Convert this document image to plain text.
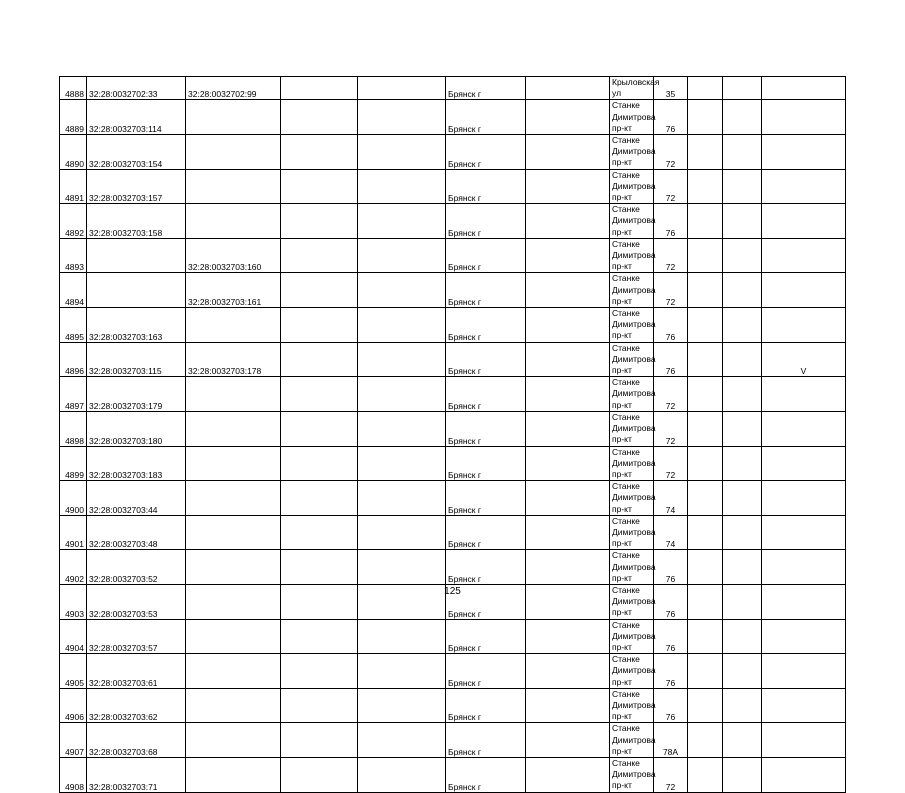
4888	32:28:0032702:33	32:28:0032702:99			Брянск г		Крыловская ул	35			
4889	32:28:0032703:114				Брянск г		Станке Димитрова пр-кт	76			
4890	32:28:0032703:154				Брянск г		Станке Димитрова пр-кт	72			
4891	32:28:0032703:157				Брянск г		Станке Димитрова пр-кт	72			
4892	32:28:0032703:158				Брянск г		Станке Димитрова пр-кт	76			
4893		32:28:0032703:160			Брянск г		Станке Димитрова пр-кт	72			
4894		32:28:0032703:161			Брянск г		Станке Димитрова пр-кт	72			
4895	32:28:0032703:163				Брянск г		Станке Димитрова пр-кт	76			
4896	32:28:0032703:115	32:28:0032703:178			Брянск г		Станке Димитрова пр-кт	76			V
4897	32:28:0032703:179				Брянск г		Станке Димитрова пр-кт	72			
4898	32:28:0032703:180				Брянск г		Станке Димитрова пр-кт	72			
4899	32:28:0032703:183				Брянск г		Станке Димитрова пр-кт	72			
4900	32:28:0032703:44				Брянск г		Станке Димитрова пр-кт	74			
4901	32:28:0032703:48				Брянск г		Станке Димитрова пр-кт	74			
4902	32:28:0032703:52				Брянск г		Станке Димитрова пр-кт	76			
4903	32:28:0032703:53				Брянск г		Станке Димитрова пр-кт	76			
4904	32:28:0032703:57				Брянск г		Станке Димитрова пр-кт	76			
4905	32:28:0032703:61				Брянск г		Станке Димитрова пр-кт	76			
4906	32:28:0032703:62				Брянск г		Станке Димитрова пр-кт	76			
4907	32:28:0032703:68				Брянск г		Станке Димитрова пр-кт	78А			
4908	32:28:0032703:71				Брянск г		Станке Димитрова пр-кт	72			
125
